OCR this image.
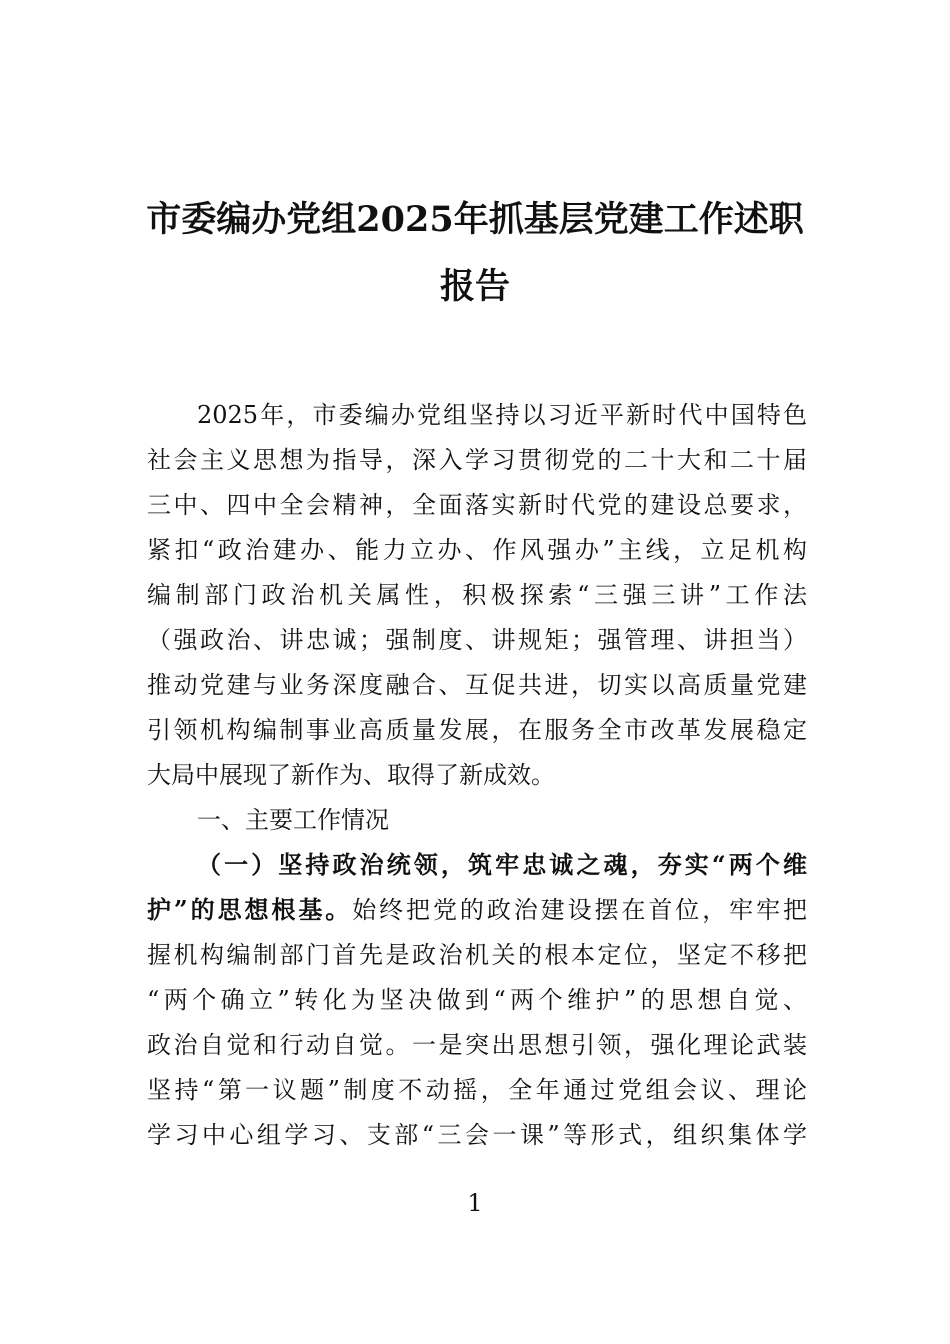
市委编办党组2025年抓基层党建工作述职
报告
2025年，市委编办党组坚持以习近平新时代中国特色
社会主义思想为指导，深入学习贯彻党的二十大和二十届
三中、四中全会精神，全面落实新时代党的建设总要求，
紧扣“政治建办、能力立办、作风强办”主线，立足机构
编制部门政治机关属性，积极探索“三强三讲”工作法
（强政治、讲忠诚；强制度、讲规矩；强管理、讲担当）
推动党建与业务深度融合、互促共进，切实以高质量党建
引领机构编制事业高质量发展，在服务全市改革发展稳定
大局中展现了新作为、取得了新成效。
一、主要工作情况
（一）坚持政治统领，筑牢忠诚之魂，夯实“两个维
护”的思想根基。始终把党的政治建设摆在首位，牢牢把
握机构编制部门首先是政治机关的根本定位，坚定不移把
“两个确立”转化为坚决做到“两个维护”的思想自觉、
政治自觉和行动自觉。一是突出思想引领，强化理论武装
坚持“第一议题”制度不动摇，全年通过党组会议、理论
学习中心组学习、支部“三会一课”等形式，组织集体学
1
